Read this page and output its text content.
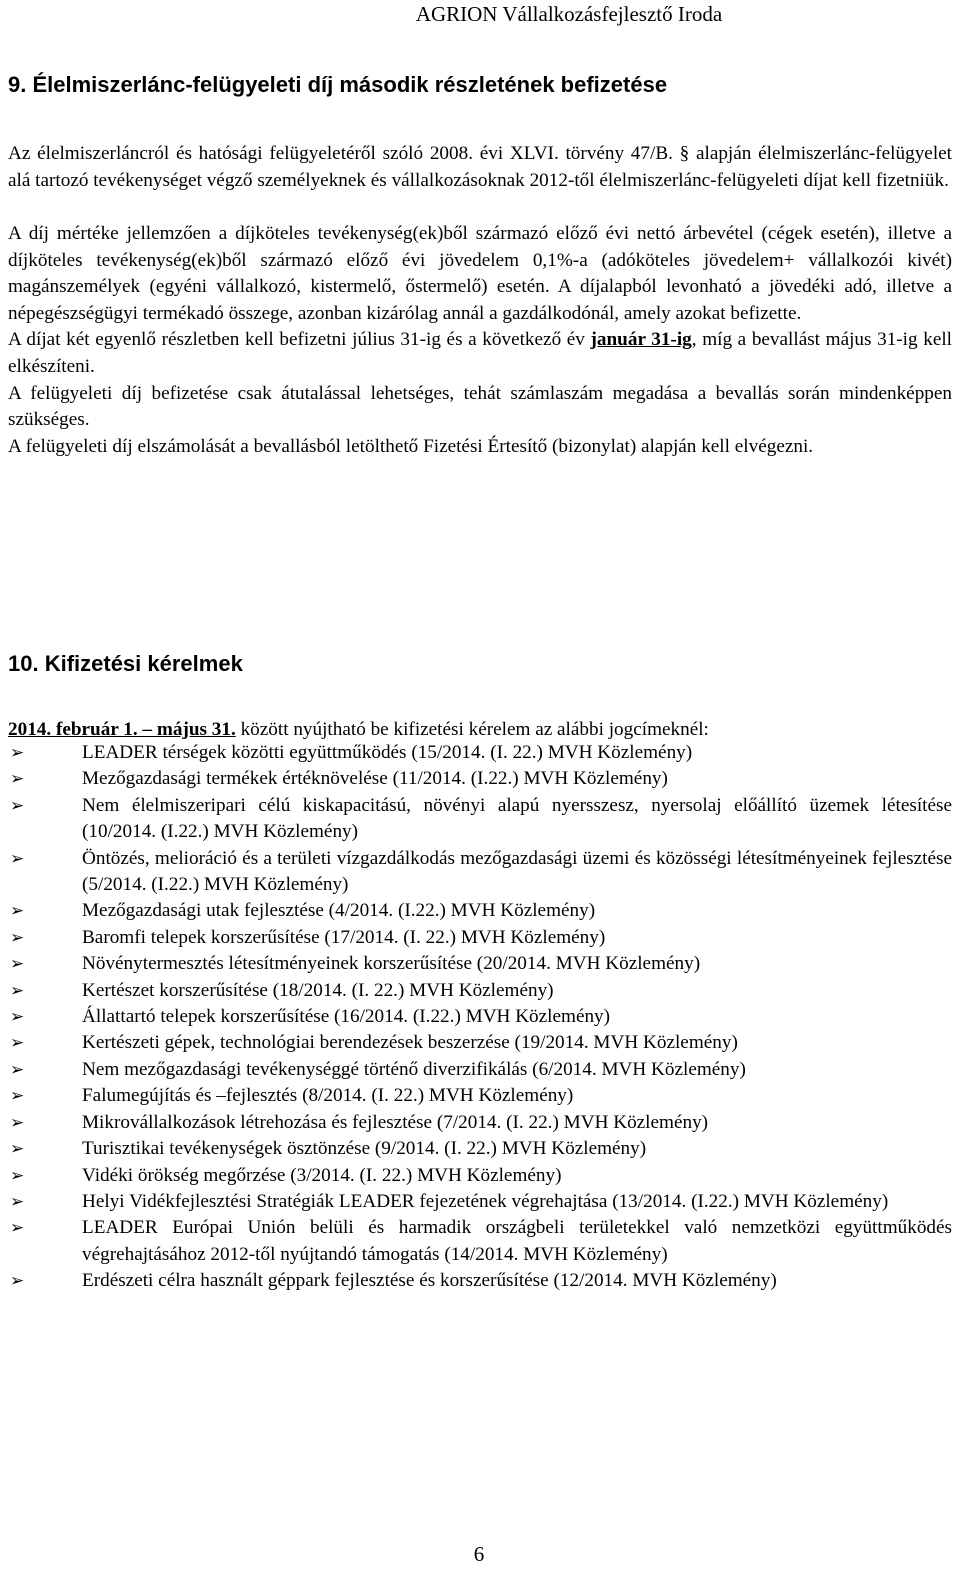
AGRION Vállalkozásfejlesztő Iroda
9. Élelmiszerlánc-felügyeleti díj második részletének befizetése
Az élelmiszerláncról és hatósági felügyeletéről szóló 2008. évi XLVI. törvény 47/B. § alapján élelmiszerlánc-felügyelet alá tartozó tevékenységet végző személyeknek és vállalkozásoknak 2012-től élelmiszerlánc-felügyeleti díjat kell fizetniük.
A díj mértéke jellemzően a díjköteles tevékenység(ek)ből származó előző évi nettó árbevétel (cégek esetén), illetve a díjköteles tevékenység(ek)ből származó előző évi jövedelem 0,1%-a (adóköteles jövedelem+ vállalkozói kivét) magánszemélyek (egyéni vállalkozó, kistermelő, őstermelő) esetén. A díjalapból levonható a jövedéki adó, illetve a népegészségügyi termékadó összege, azonban kizárólag annál a gazdálkodónál, amely azokat befizette.
A díjat két egyenlő részletben kell befizetni július 31-ig és a következő év január 31-ig, míg a bevallást május 31-ig kell elkészíteni.
A felügyeleti díj befizetése csak átutalással lehetséges, tehát számlaszám megadása a bevallás során mindenképpen szükséges.
A felügyeleti díj elszámolását a bevallásból letölthető Fizetési Értesítő (bizonylat) alapján kell elvégezni.
10. Kifizetési kérelmek
2014. február 1. – május 31. között nyújtható be kifizetési kérelem az alábbi jogcímeknél:
➢	LEADER térségek közötti együttműködés (15/2014. (I. 22.) MVH Közlemény)
➢	Mezőgazdasági termékek értéknövelése (11/2014. (I.22.) MVH Közlemény)
➢	Nem élelmiszeripari célú kiskapacitású, növényi alapú nyersszesz, nyersolaj előállító üzemek létesítése (10/2014. (I.22.) MVH Közlemény)
➢	Öntözés, melioráció és a területi vízgazdálkodás mezőgazdasági üzemi és közösségi létesítményeinek fejlesztése (5/2014. (I.22.) MVH Közlemény)
➢	Mezőgazdasági utak fejlesztése (4/2014. (I.22.) MVH Közlemény)
➢	Baromfi telepek korszerűsítése (17/2014. (I. 22.) MVH Közlemény)
➢	Növénytermesztés létesítményeinek korszerűsítése (20/2014. MVH Közlemény)
➢	Kertészet korszerűsítése (18/2014. (I. 22.) MVH Közlemény)
➢	Állattartó telepek korszerűsítése (16/2014. (I.22.) MVH Közlemény)
➢	Kertészeti gépek, technológiai berendezések beszerzése (19/2014. MVH Közlemény)
➢	Nem mezőgazdasági tevékenységgé történő diverzifikálás (6/2014. MVH Közlemény)
➢	Falumegújítás és –fejlesztés (8/2014. (I. 22.) MVH Közlemény)
➢	Mikrovállalkozások létrehozása és fejlesztése (7/2014. (I. 22.) MVH Közlemény)
➢	Turisztikai tevékenységek ösztönzése (9/2014. (I. 22.) MVH Közlemény)
➢	Vidéki örökség megőrzése (3/2014. (I. 22.) MVH Közlemény)
➢	Helyi Vidékfejlesztési Stratégiák LEADER fejezetének végrehajtása (13/2014. (I.22.) MVH Közlemény)
➢	LEADER Európai Unión belüli és harmadik országbeli területekkel való nemzetközi együttműködés végrehajtásához 2012-től nyújtandó támogatás (14/2014. MVH Közlemény)
➢	Erdészeti célra használt géppark fejlesztése és korszerűsítése (12/2014. MVH Közlemény)
6
